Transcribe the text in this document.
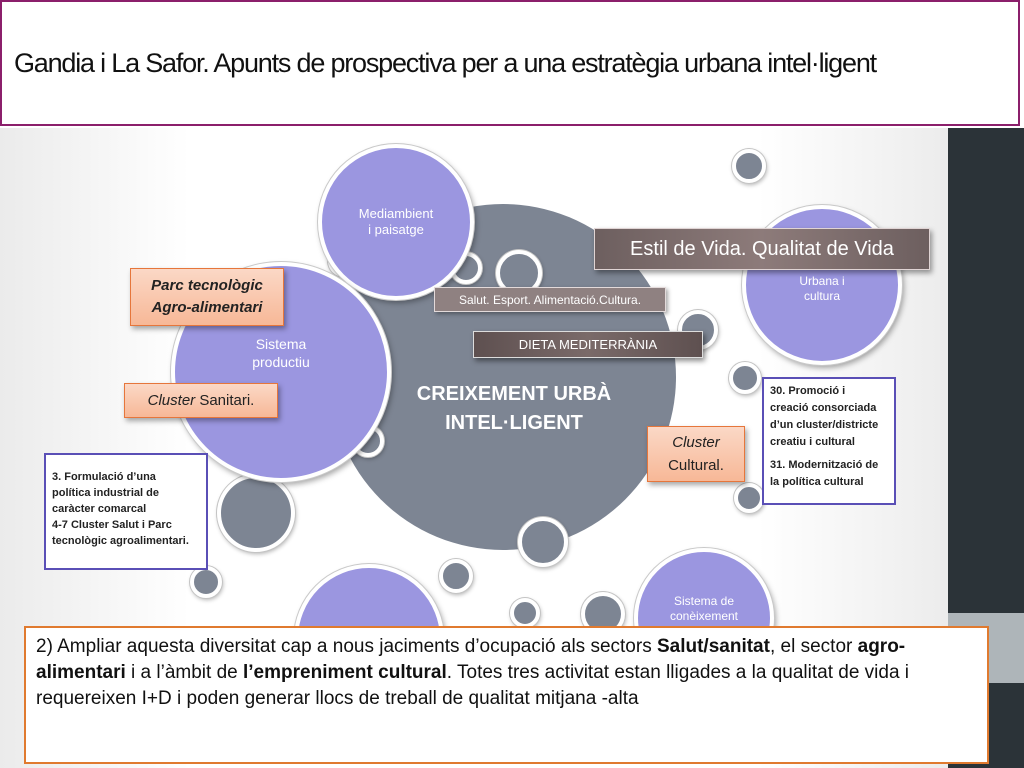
Gandia i La Safor. Apunts de prospectiva per a una estratègia urbana intel·ligent
Mediambient
i paisatge
Sistema
productiu
Urbana i
cultura
Sistema de
conèixement
CREIXEMENT URBÀ
INTEL·LIGENT
Estil de Vida. Qualitat de Vida
Salut. Esport. Alimentació.Cultura.
DIETA MEDITERRÀNIA
Parc tecnològic
Agro-alimentari
Cluster Sanitari.
Cluster
Cultural.
3. Formulació d’una
política industrial de
caràcter comarcal
4-7 Cluster Salut i Parc
tecnològic agroalimentari.
30. Promoció i
creació consorciada
d’un cluster/districte
creatiu i cultural
31. Modernització de
la política cultural
2) Ampliar aquesta diversitat cap a nous jaciments d’ocupació als sectors Salut/sanitat, el sector agro-alimentari i a l’àmbit de l’empreniment cultural. Totes tres activitat estan lligades a la qualitat de vida i requereixen I+D i poden generar llocs de treball de qualitat mitjana -alta
